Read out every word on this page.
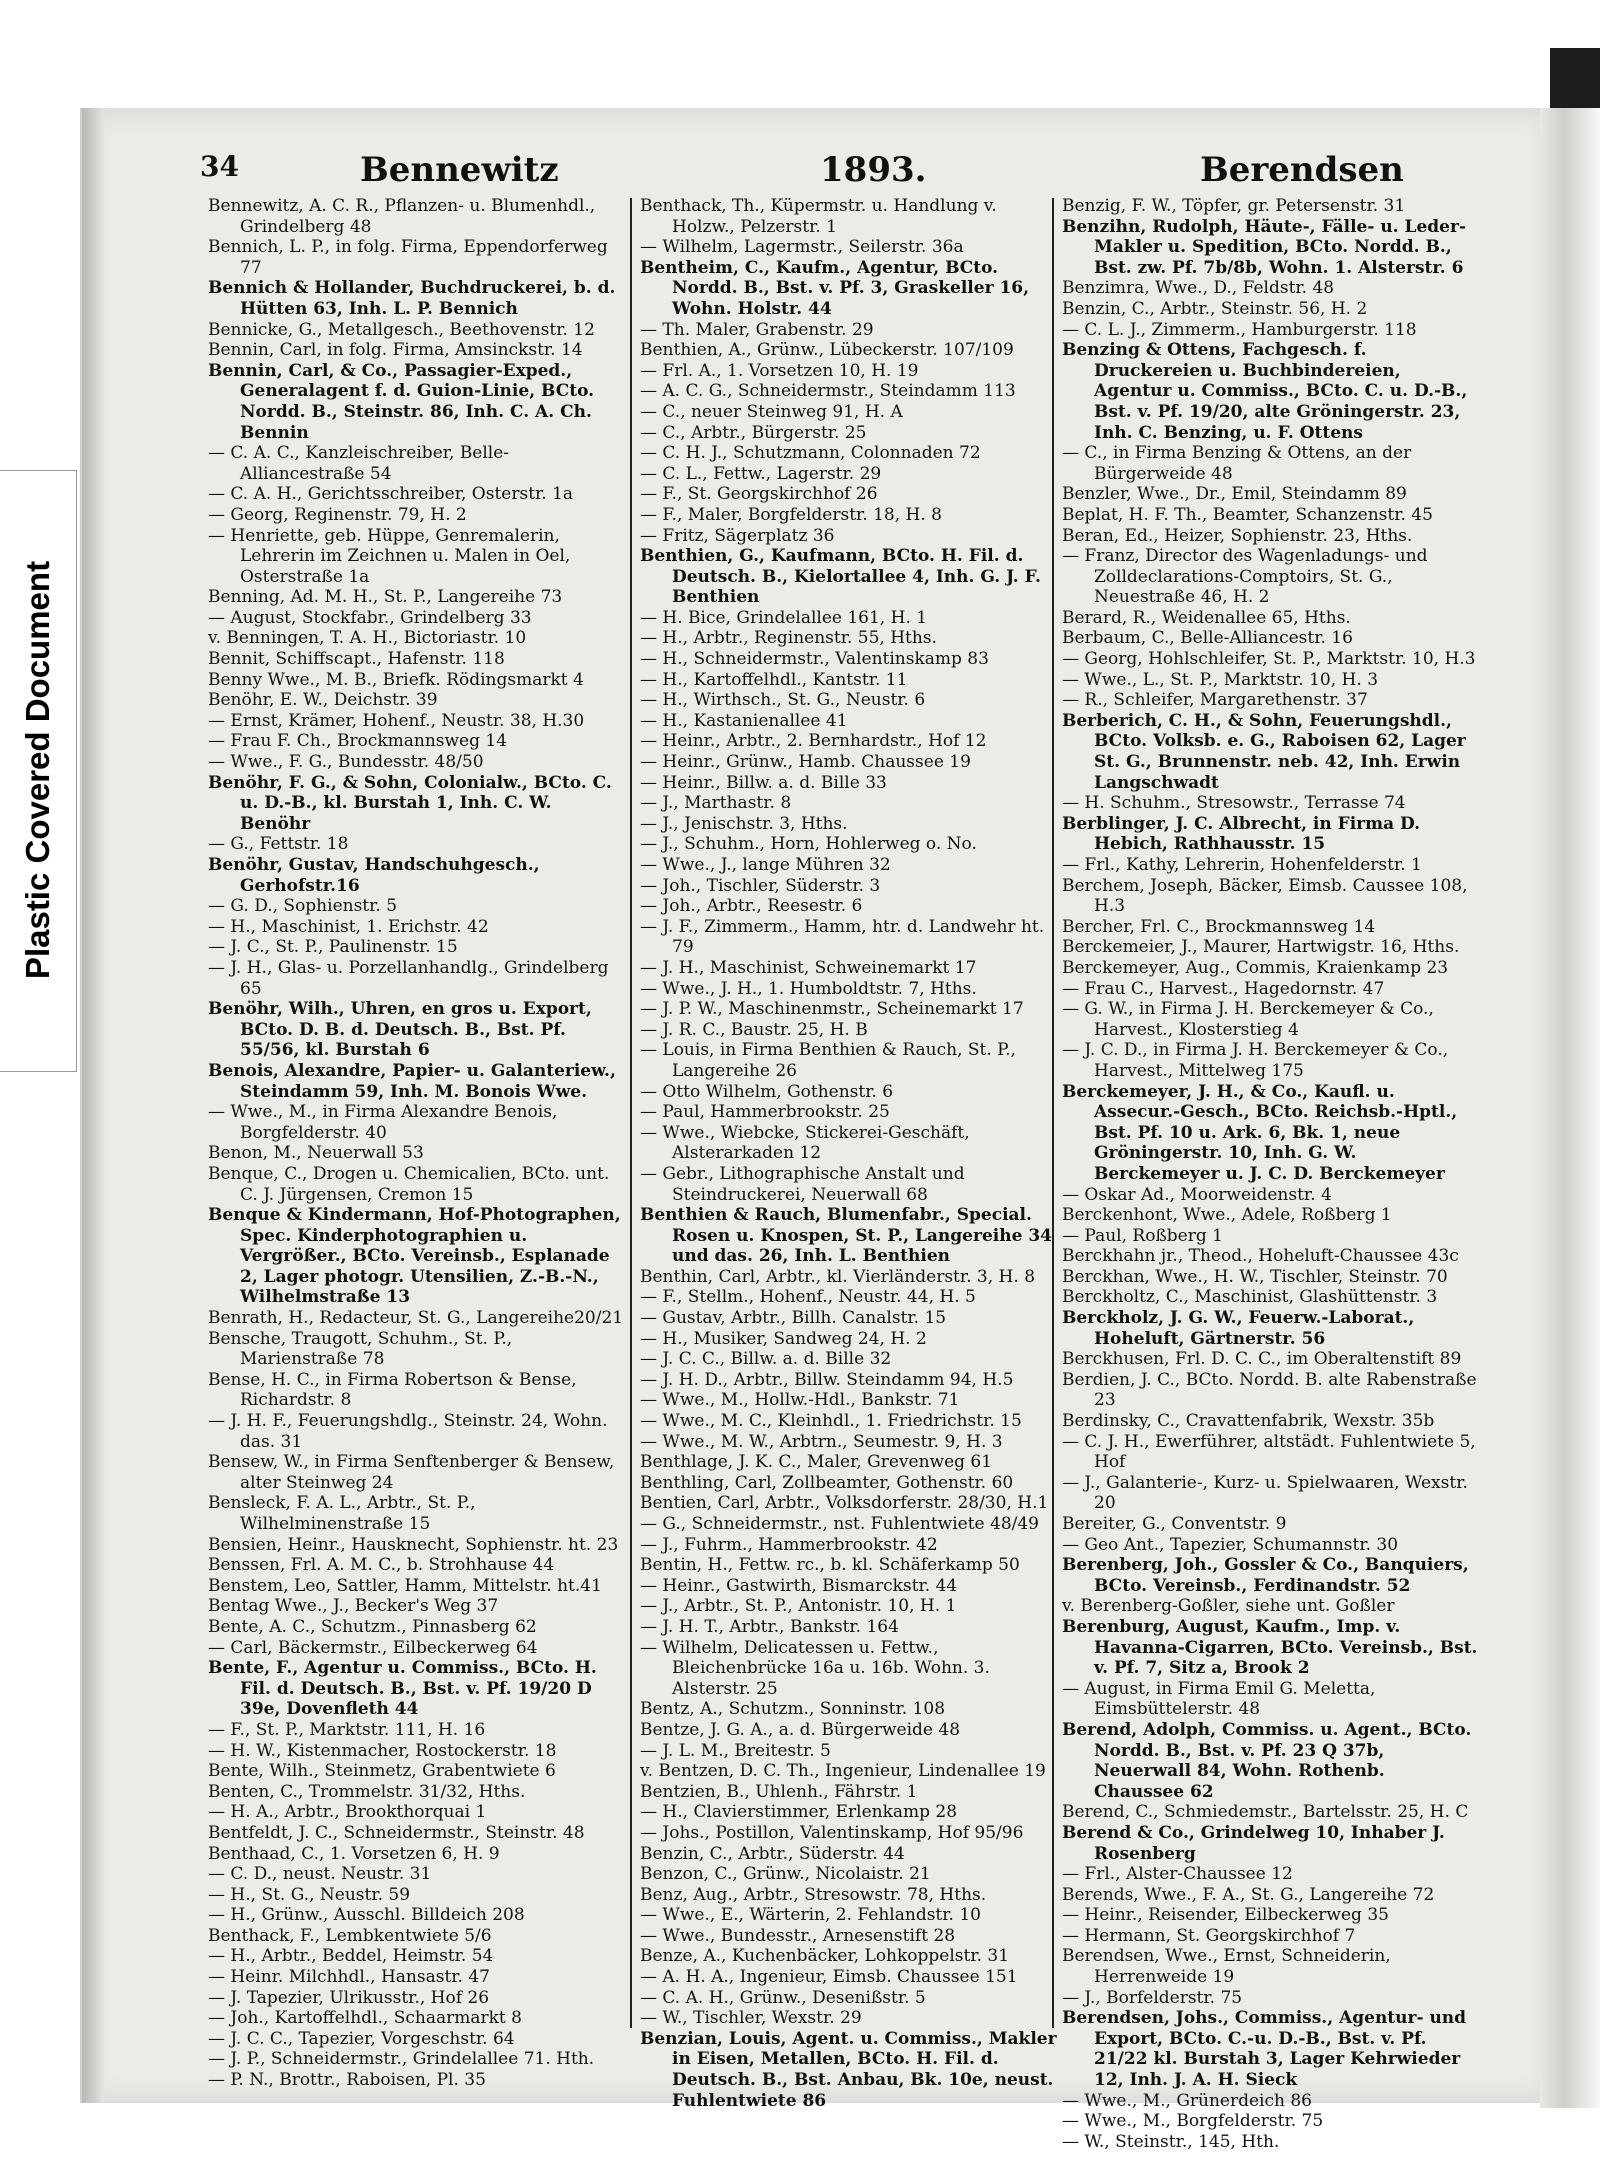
Plastic Covered Document
34	Bennewitz	1893.	Berendsen

Bennewitz, A. C. R., Pflanzen- u. Blumenhdl., Grindelberg 48

Bennich, L. P., in folg. Firma, Eppendorferweg 77

Bennich & Hollander, Buchdruckerei, b. d. Hütten 63, Inh. L. P. Bennich

Bennicke, G., Metallgesch., Beethovenstr. 12

Bennin, Carl, in folg. Firma, Amsinckstr. 14

Bennin, Carl, & Co., Passagier-Exped., Generalagent f. d. Guion-Linie, BCto. Nordd. B., Steinstr. 86, Inh. C. A. Ch. Bennin

— C. A. C., Kanzleischreiber, Belle-Alliancestraße 54

— C. A. H., Gerichtsschreiber, Osterstr. 1a

— Georg, Reginenstr. 79, H. 2

— Henriette, geb. Hüppe, Genremalerin, Lehrerin im Zeichnen u. Malen in Oel, Osterstraße 1a

Benning, Ad. M. H., St. P., Langereihe 73

— August, Stockfabr., Grindelberg 33

v. Benningen, T. A. H., Bictoriastr. 10

Bennit, Schiffscapt., Hafenstr. 118

Benny Wwe., M. B., Briefk. Rödingsmarkt 4

Benöhr, E. W., Deichstr. 39

— Ernst, Krämer, Hohenf., Neustr. 38, H.30

— Frau F. Ch., Brockmannsweg 14

— Wwe., F. G., Bundesstr. 48/50

Benöhr, F. G., & Sohn, Colonialw., BCto. C. u. D.-B., kl. Burstah 1, Inh. C. W. Benöhr

— G., Fettstr. 18

Benöhr, Gustav, Handschuhgesch., Gerhofstr.16

— G. D., Sophienstr. 5

— H., Maschinist, 1. Erichstr. 42

— J. C., St. P., Paulinenstr. 15

— J. H., Glas- u. Porzellanhandlg., Grindelberg 65

Benöhr, Wilh., Uhren, en gros u. Export, BCto. D. B. d. Deutsch. B., Bst. Pf. 55/56, kl. Burstah 6

Benois, Alexandre, Papier- u. Galanteriew., Steindamm 59, Inh. M. Bonois Wwe.

— Wwe., M., in Firma Alexandre Benois, Borgfelderstr. 40

Benon, M., Neuerwall 53

Benque, C., Drogen u. Chemicalien, BCto. unt. C. J. Jürgensen, Cremon 15

Benque & Kindermann, Hof-Photographen, Spec. Kinderphotographien u. Vergrößer., BCto. Vereinsb., Esplanade 2, Lager photogr. Utensilien, Z.-B.-N., Wilhelmstraße 13

Benrath, H., Redacteur, St. G., Langereihe20/21

Bensche, Traugott, Schuhm., St. P., Marienstraße 78

Bense, H. C., in Firma Robertson & Bense, Richardstr. 8

— J. H. F., Feuerungshdlg., Steinstr. 24, Wohn. das. 31

Bensew, W., in Firma Senftenberger & Bensew, alter Steinweg 24

Bensleck, F. A. L., Arbtr., St. P., Wilhelminenstraße 15

Bensien, Heinr., Hausknecht, Sophienstr. ht. 23

Benssen, Frl. A. M. C., b. Strohhause 44

Benstem, Leo, Sattler, Hamm, Mittelstr. ht.41

Bentag Wwe., J., Becker's Weg 37

Bente, A. C., Schutzm., Pinnasberg 62

— Carl, Bäckermstr., Eilbeckerweg 64

Bente, F., Agentur u. Commiss., BCto. H. Fil. d. Deutsch. B., Bst. v. Pf. 19/20 D 39e, Dovenfleth 44

— F., St. P., Marktstr. 111, H. 16

— H. W., Kistenmacher, Rostockerstr. 18

Bente, Wilh., Steinmetz, Grabentwiete 6

Benten, C., Trommelstr. 31/32, Hths.

— H. A., Arbtr., Brookthorquai 1

Bentfeldt, J. C., Schneidermstr., Steinstr. 48

Benthaad, C., 1. Vorsetzen 6, H. 9

— C. D., neust. Neustr. 31

— H., St. G., Neustr. 59

— H., Grünw., Ausschl. Billdeich 208

Benthack, F., Lembkentwiete 5/6

— H., Arbtr., Beddel, Heimstr. 54

— Heinr. Milchhdl., Hansastr. 47

— J. Tapezier, Ulrikusstr., Hof 26

— Joh., Kartoffelhdl., Schaarmarkt 8

— J. C. C., Tapezier, Vorgeschstr. 64

— J. P., Schneidermstr., Grindelallee 71. Hth.

— P. N., Brottr., Raboisen, Pl. 35

Benthack, Th., Küpermstr. u. Handlung v. Holzw., Pelzerstr. 1

— Wilhelm, Lagermstr., Seilerstr. 36a

Bentheim, C., Kaufm., Agentur, BCto. Nordd. B., Bst. v. Pf. 3, Graskeller 16, Wohn. Holstr. 44

— Th. Maler, Grabenstr. 29

Benthien, A., Grünw., Lübeckerstr. 107/109

— Frl. A., 1. Vorsetzen 10, H. 19

— A. C. G., Schneidermstr., Steindamm 113

— C., neuer Steinweg 91, H. A

— C., Arbtr., Bürgerstr. 25

— C. H. J., Schutzmann, Colonnaden 72

— C. L., Fettw., Lagerstr. 29

— F., St. Georgskirchhof 26

— F., Maler, Borgfelderstr. 18, H. 8

— Fritz, Sägerplatz 36

Benthien, G., Kaufmann, BCto. H. Fil. d. Deutsch. B., Kielortallee 4, Inh. G. J. F. Benthien

— H. Bice, Grindelallee 161, H. 1

— H., Arbtr., Reginenstr. 55, Hths.

— H., Schneidermstr., Valentinskamp 83

— H., Kartoffelhdl., Kantstr. 11

— H., Wirthsch., St. G., Neustr. 6

— H., Kastanienallee 41

— Heinr., Arbtr., 2. Bernhardstr., Hof 12

— Heinr., Grünw., Hamb. Chaussee 19

— Heinr., Billw. a. d. Bille 33

— J., Marthastr. 8

— J., Jenischstr. 3, Hths.

— J., Schuhm., Horn, Hohlerweg o. No.

— Wwe., J., lange Mühren 32

— Joh., Tischler, Süderstr. 3

— Joh., Arbtr., Reesestr. 6

— J. F., Zimmerm., Hamm, htr. d. Landwehr ht. 79

— J. H., Maschinist, Schweinemarkt 17

— Wwe., J. H., 1. Humboldtstr. 7, Hths.

— J. P. W., Maschinenmstr., Scheinemarkt 17

— J. R. C., Baustr. 25, H. B

— Louis, in Firma Benthien & Rauch, St. P., Langereihe 26

— Otto Wilhelm, Gothenstr. 6

— Paul, Hammerbrookstr. 25

— Wwe., Wiebcke, Stickerei-Geschäft, Alsterarkaden 12

— Gebr., Lithographische Anstalt und Steindruckerei, Neuerwall 68

Benthien & Rauch, Blumenfabr., Special. Rosen u. Knospen, St. P., Langereihe 34 und das. 26, Inh. L. Benthien

Benthin, Carl, Arbtr., kl. Vierländerstr. 3, H. 8

— F., Stellm., Hohenf., Neustr. 44, H. 5

— Gustav, Arbtr., Billh. Canalstr. 15

— H., Musiker, Sandweg 24, H. 2

— J. C. C., Billw. a. d. Bille 32

— J. H. D., Arbtr., Billw. Steindamm 94, H.5

— Wwe., M., Hollw.-Hdl., Bankstr. 71

— Wwe., M. C., Kleinhdl., 1. Friedrichstr. 15

— Wwe., M. W., Arbtrn., Seumestr. 9, H. 3

Benthlage, J. K. C., Maler, Grevenweg 61

Benthling, Carl, Zollbeamter, Gothenstr. 60

Bentien, Carl, Arbtr., Volksdorferstr. 28/30, H.1

— G., Schneidermstr., nst. Fuhlentwiete 48/49

— J., Fuhrm., Hammerbrookstr. 42

Bentin, H., Fettw. rc., b. kl. Schäferkamp 50

— Heinr., Gastwirth, Bismarckstr. 44

— J., Arbtr., St. P., Antonistr. 10, H. 1

— J. H. T., Arbtr., Bankstr. 164

— Wilhelm, Delicatessen u. Fettw., Bleichenbrücke 16a u. 16b. Wohn. 3. Alsterstr. 25

Bentz, A., Schutzm., Sonninstr. 108

Bentze, J. G. A., a. d. Bürgerweide 48

— J. L. M., Breitestr. 5

v. Bentzen, D. C. Th., Ingenieur, Lindenallee 19

Bentzien, B., Uhlenh., Fährstr. 1

— H., Clavierstimmer, Erlenkamp 28

— Johs., Postillon, Valentinskamp, Hof 95/96

Benzin, C., Arbtr., Süderstr. 44

Benzon, C., Grünw., Nicolaistr. 21

Benz, Aug., Arbtr., Stresowstr. 78, Hths.

— Wwe., E., Wärterin, 2. Fehlandstr. 10

— Wwe., Bundesstr., Arnesenstift 28

Benze, A., Kuchenbäcker, Lohkoppelstr. 31

— A. H. A., Ingenieur, Eimsb. Chaussee 151

— C. A. H., Grünw., Desenißstr. 5

— W., Tischler, Wexstr. 29

Benzian, Louis, Agent. u. Commiss., Makler in Eisen, Metallen, BCto. H. Fil. d. Deutsch. B., Bst. Anbau, Bk. 10e, neust. Fuhlentwiete 86

Benzig, F. W., Töpfer, gr. Petersenstr. 31

Benzihn, Rudolph, Häute-, Fälle- u. Leder-Makler u. Spedition, BCto. Nordd. B., Bst. zw. Pf. 7b/8b, Wohn. 1. Alsterstr. 6

Benzimra, Wwe., D., Feldstr. 48

Benzin, C., Arbtr., Steinstr. 56, H. 2

— C. L. J., Zimmerm., Hamburgerstr. 118

Benzing & Ottens, Fachgesch. f. Druckereien u. Buchbindereien, Agentur u. Commiss., BCto. C. u. D.-B., Bst. v. Pf. 19/20, alte Gröningerstr. 23, Inh. C. Benzing, u. F. Ottens

— C., in Firma Benzing & Ottens, an der Bürgerweide 48

Benzler, Wwe., Dr., Emil, Steindamm 89

Beplat, H. F. Th., Beamter, Schanzenstr. 45

Beran, Ed., Heizer, Sophienstr. 23, Hths.

— Franz, Director des Wagenladungs- und Zolldeclarations-Comptoirs, St. G., Neuestraße 46, H. 2

Berard, R., Weidenallee 65, Hths.

Berbaum, C., Belle-Alliancestr. 16

— Georg, Hohlschleifer, St. P., Marktstr. 10, H.3

— Wwe., L., St. P., Marktstr. 10, H. 3

— R., Schleifer, Margarethenstr. 37

Berberich, C. H., & Sohn, Feuerungshdl., BCto. Volksb. e. G., Raboisen 62, Lager St. G., Brunnenstr. neb. 42, Inh. Erwin Langschwadt

— H. Schuhm., Stresowstr., Terrasse 74

Berblinger, J. C. Albrecht, in Firma D. Hebich, Rathhausstr. 15

— Frl., Kathy, Lehrerin, Hohenfelderstr. 1

Berchem, Joseph, Bäcker, Eimsb. Caussee 108, H.3

Bercher, Frl. C., Brockmannsweg 14

Berckemeier, J., Maurer, Hartwigstr. 16, Hths.

Berckemeyer, Aug., Commis, Kraienkamp 23

— Frau C., Harvest., Hagedornstr. 47

— G. W., in Firma J. H. Berckemeyer & Co., Harvest., Klosterstieg 4

— J. C. D., in Firma J. H. Berckemeyer & Co., Harvest., Mittelweg 175

Berckemeyer, J. H., & Co., Kaufl. u. Assecur.-Gesch., BCto. Reichsb.-Hptl., Bst. Pf. 10 u. Ark. 6, Bk. 1, neue Gröningerstr. 10, Inh. G. W. Berckemeyer u. J. C. D. Berckemeyer

— Oskar Ad., Moorweidenstr. 4

Berckenhont, Wwe., Adele, Roßberg 1

— Paul, Roßberg 1

Berckhahn jr., Theod., Hoheluft-Chaussee 43c

Berckhan, Wwe., H. W., Tischler, Steinstr. 70

Berckholtz, C., Maschinist, Glashüttenstr. 3

Berckholz, J. G. W., Feuerw.-Laborat., Hoheluft, Gärtnerstr. 56

Berckhusen, Frl. D. C. C., im Oberaltenstift 89

Berdien, J. C., BCto. Nordd. B. alte Rabenstraße 23

Berdinsky, C., Cravattenfabrik, Wexstr. 35b

— C. J. H., Ewerführer, altstädt. Fuhlentwiete 5, Hof

— J., Galanterie-, Kurz- u. Spielwaaren, Wexstr. 20

Bereiter, G., Conventstr. 9

— Geo Ant., Tapezier, Schumannstr. 30

Berenberg, Joh., Gossler & Co., Banquiers, BCto. Vereinsb., Ferdinandstr. 52

v. Berenberg-Goßler, siehe unt. Goßler

Berenburg, August, Kaufm., Imp. v. Havanna-Cigarren, BCto. Vereinsb., Bst. v. Pf. 7, Sitz a, Brook 2

— August, in Firma Emil G. Meletta, Eimsbüttelerstr. 48

Berend, Adolph, Commiss. u. Agent., BCto. Nordd. B., Bst. v. Pf. 23 Q 37b, Neuerwall 84, Wohn. Rothenb. Chaussee 62

Berend, C., Schmiedemstr., Bartelsstr. 25, H. C

Berend & Co., Grindelweg 10, Inhaber J. Rosenberg

— Frl., Alster-Chaussee 12

Berends, Wwe., F. A., St. G., Langereihe 72

— Heinr., Reisender, Eilbeckerweg 35

— Hermann, St. Georgskirchhof 7

Berendsen, Wwe., Ernst, Schneiderin, Herrenweide 19

— J., Borfelderstr. 75

Berendsen, Johs., Commiss., Agentur- und Export, BCto. C.-u. D.-B., Bst. v. Pf. 21/22 kl. Burstah 3, Lager Kehrwieder 12, Inh. J. A. H. Sieck

— Wwe., M., Grünerdeich 86

— Wwe., M., Borgfelderstr. 75

— W., Steinstr., 145, Hth.
